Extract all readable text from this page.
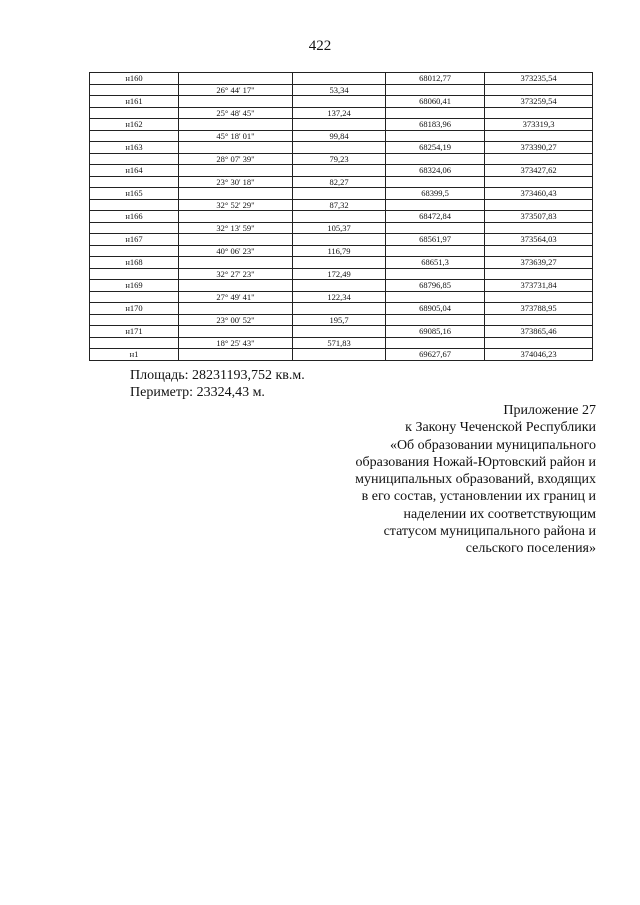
422
н160			68012,77	373235,54
	26° 44' 17"	53,34		
н161			68060,41	373259,54
	25° 48' 45"	137,24		
н162			68183,96	373319,3
	45° 18' 01"	99,84		
н163			68254,19	373390,27
	28° 07' 39"	79,23		
н164			68324,06	373427,62
	23° 30' 18"	82,27		
н165			68399,5	373460,43
	32° 52' 29"	87,32		
н166			68472,84	373507,83
	32° 13' 59"	105,37		
н167			68561,97	373564,03
	40° 06' 23"	116,79		
н168			68651,3	373639,27
	32° 27' 23"	172,49		
н169			68796,85	373731,84
	27° 49' 41"	122,34		
н170			68905,04	373788,95
	23° 00' 52"	195,7		
н171			69085,16	373865,46
	18° 25' 43"	571,83		
н1			69627,67	374046,23
Площадь: 28231193,752 кв.м.
Периметр: 23324,43 м.
Приложение 27
к Закону Чеченской Республики
«Об образовании муниципального
образования Ножай-Юртовский район и
муниципальных образований, входящих
в его состав, установлении их границ и
наделении их соответствующим
статусом муниципального района и
сельского поселения»
